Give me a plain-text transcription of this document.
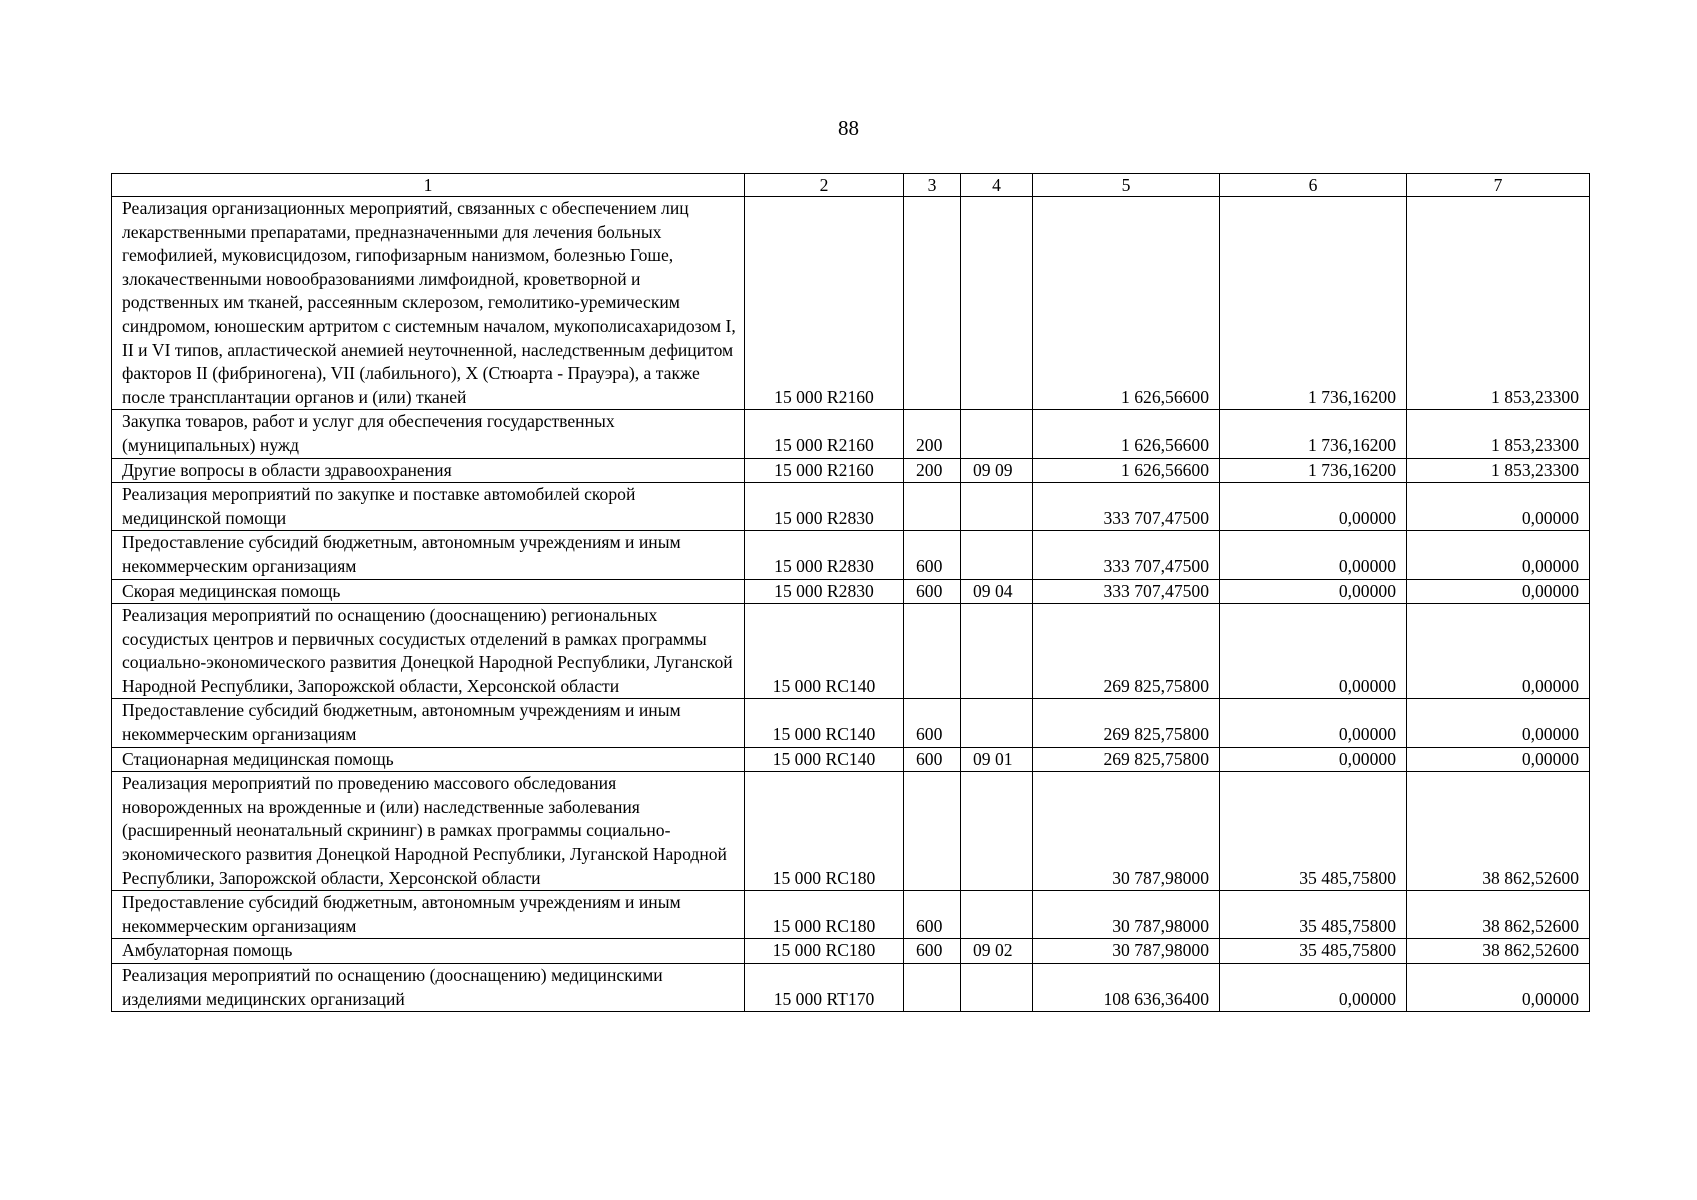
88
1	2	3	4	5	6	7
Реализация организационных мероприятий, связанных с обеспечением лиц лекарственными препаратами, предназначенными для лечения больных гемофилией, муковисцидозом, гипофизарным нанизмом, болезнью Гоше, злокачественными новообразованиями лимфоидной, кроветворной и родственных им тканей, рассеянным склерозом, гемолитико-уремическим синдромом, юношеским артритом с системным началом, мукополисахаридозом I, II и VI типов, апластической анемией неуточненной, наследственным дефицитом факторов II (фибриногена), VII (лабильного), X (Стюарта - Прауэра), а также после трансплантации органов и (или) тканей	15 000 R2160			1 626,56600	1 736,16200	1 853,23300
Закупка товаров, работ и услуг для обеспечения государственных (муниципальных) нужд	15 000 R2160	200		1 626,56600	1 736,16200	1 853,23300
Другие вопросы в области здравоохранения	15 000 R2160	200	09 09	1 626,56600	1 736,16200	1 853,23300
Реализация мероприятий по закупке и поставке автомобилей скорой медицинской помощи	15 000 R2830			333 707,47500	0,00000	0,00000
Предоставление субсидий бюджетным, автономным учреждениям и иным некоммерческим организациям	15 000 R2830	600		333 707,47500	0,00000	0,00000
Скорая медицинская помощь	15 000 R2830	600	09 04	333 707,47500	0,00000	0,00000
Реализация мероприятий по оснащению (дооснащению) региональных сосудистых центров и первичных сосудистых отделений в рамках программы социально-экономического развития Донецкой Народной Республики, Луганской Народной Республики, Запорожской области, Херсонской области	15 000 RC140			269 825,75800	0,00000	0,00000
Предоставление субсидий бюджетным, автономным учреждениям и иным некоммерческим организациям	15 000 RC140	600		269 825,75800	0,00000	0,00000
Стационарная медицинская помощь	15 000 RC140	600	09 01	269 825,75800	0,00000	0,00000
Реализация мероприятий по проведению массового обследования новорожденных на врожденные и (или) наследственные заболевания (расширенный неонатальный скрининг) в рамках программы социально-экономического развития Донецкой Народной Республики, Луганской Народной Республики, Запорожской области, Херсонской области	15 000 RC180			30 787,98000	35 485,75800	38 862,52600
Предоставление субсидий бюджетным, автономным учреждениям и иным некоммерческим организациям	15 000 RC180	600		30 787,98000	35 485,75800	38 862,52600
Амбулаторная помощь	15 000 RC180	600	09 02	30 787,98000	35 485,75800	38 862,52600
Реализация мероприятий по оснащению (дооснащению) медицинскими изделиями медицинских организаций	15 000 RT170			108 636,36400	0,00000	0,00000
